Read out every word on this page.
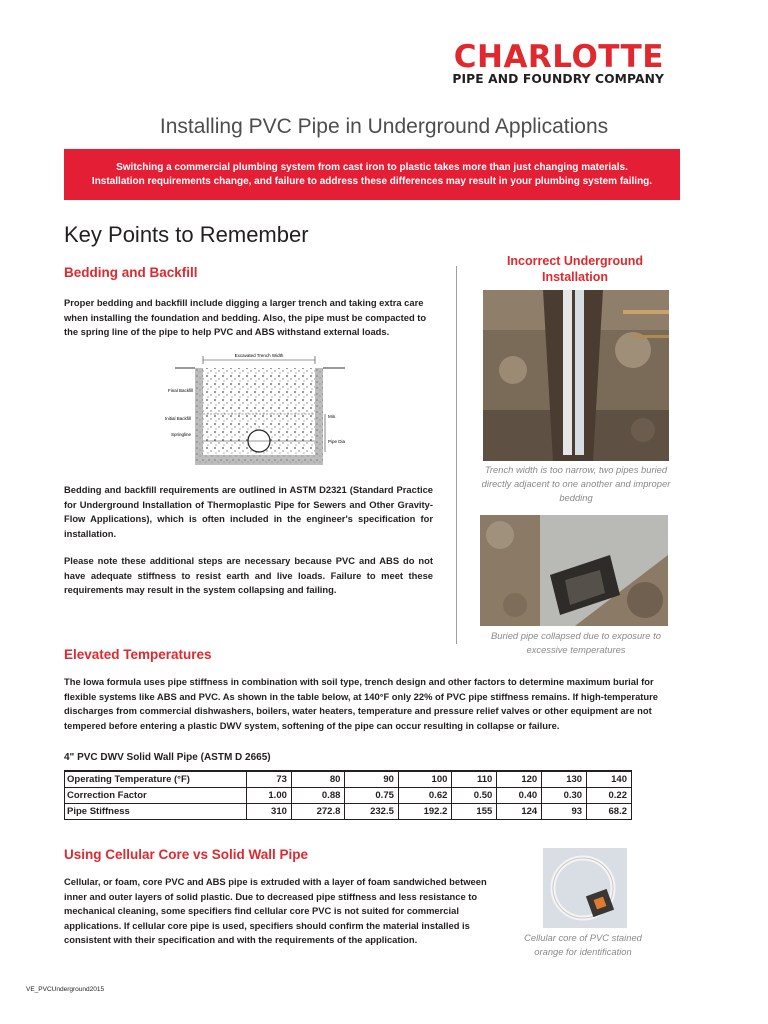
CHARLOTTE
PIPE AND FOUNDRY COMPANY
Installing PVC Pipe in Underground Applications
Switching a commercial plumbing system from cast iron to plastic takes more than just changing materials.
Installation requirements change, and failure to address these differences may result in your plumbing system failing.
Key Points to Remember
Bedding and Backfill
Proper bedding and backfill include digging a larger trench and taking extra care when installing the foundation and bedding. Also, the pipe must be compacted to the spring line of the pipe to help PVC and ABS withstand external loads.
Excavated Trench Width
Final Backfill
Initial Backfill
Springline
Min.
Pipe Dia
Bedding and backfill requirements are outlined in ASTM D2321 (Standard Practice for Underground Installation of Thermoplastic Pipe for Sewers and Other Gravity-Flow Applications), which is often included in the engineer's specification for installation.
Please note these additional steps are necessary because PVC and ABS do not have adequate stiffness to resist earth and live loads. Failure to meet these requirements may result in the system collapsing and failing.
Incorrect Underground Installation
Trench width is too narrow, two pipes buried directly adjacent to one another and improper bedding
Buried pipe collapsed due to exposure to excessive temperatures
Elevated Temperatures
The Iowa formula uses pipe stiffness in combination with soil type, trench design and other factors to determine maximum burial for flexible systems like ABS and PVC. As shown in the table below, at 140°F only 22% of PVC pipe stiffness remains. If high-temperature discharges from commercial dishwashers, boilers, water heaters, temperature and pressure relief valves or other equipment are not tempered before entering a plastic DWV system, softening of the pipe can occur resulting in collapse or failure.
4" PVC DWV Solid Wall Pipe (ASTM D 2665)
Operating Temperature (°F)	73	80	90	100	110	120	130	140
Correction Factor	1.00	0.88	0.75	0.62	0.50	0.40	0.30	0.22
Pipe Stiffness	310	272.8	232.5	192.2	155	124	93	68.2
Using Cellular Core vs Solid Wall Pipe
Cellular, or foam, core PVC and ABS pipe is extruded with a layer of foam sandwiched between inner and outer layers of solid plastic. Due to decreased pipe stiffness and less resistance to mechanical cleaning, some specifiers find cellular core PVC is not suited for commercial applications. If cellular core pipe is used, specifiers should confirm the material installed is consistent with their specification and with the requirements of the application.	Cellular core of PVC stained orange for identification
VE_PVCUnderground2015
